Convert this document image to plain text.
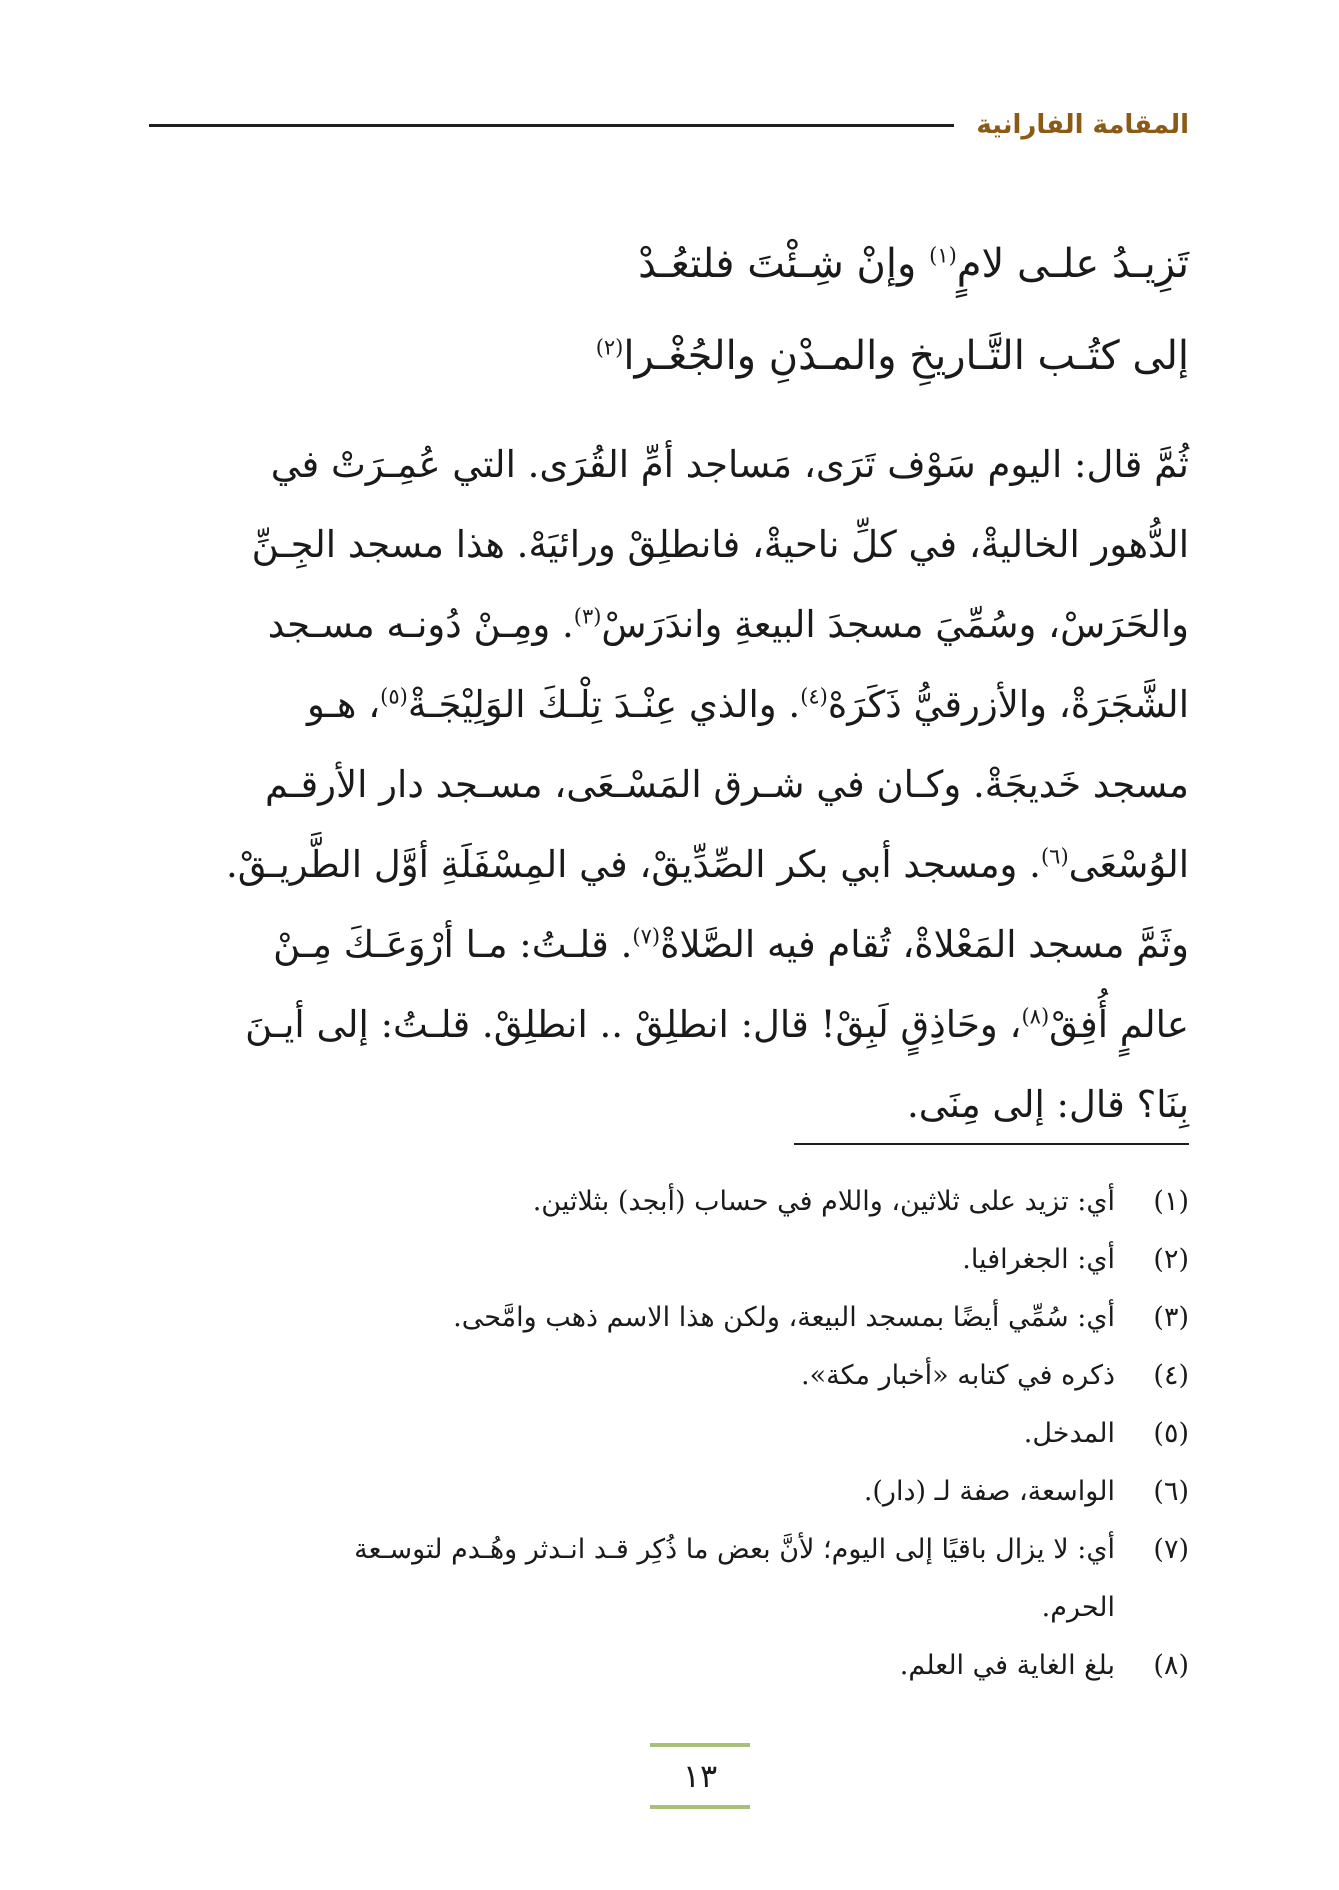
المقامة الفارانية
تَزِيـدُ علـى لامٍ$^{(١)}$ وإنْ شِـئْتَ فلتعُـدْ
إلى كتُـب التَّـاريخِ والمـدْنِ والجُغْـرا$^{(٢)}$
ثُمَّ قال: اليوم سَوْف تَرَى، مَساجد أمِّ القُرَى. التي عُمِـرَتْ في
الدُّهور الخاليةْ، في كلِّ ناحيةْ، فانطلِقْ ورائيَهْ. هذا مسجد الجِـنِّ
والحَرَسْ، وسُمِّيَ مسجدَ البيعةِ واندَرَسْ$^{(٣)}$. ومِـنْ دُونـه مسـجد
الشَّجَرَةْ، والأزرقيُّ ذَكَرَهْ$^{(٤)}$. والذي عِنْـدَ تِلْـكَ الوَلِيْجَـةْ$^{(٥)}$، هـو
مسجد خَديجَةْ. وكـان في شـرق المَسْـعَى، مسـجد دار الأرقـم
الوُسْعَى$^{(٦)}$. ومسجد أبي بكر الصِّدِّيقْ، في المِسْفَلَةِ أوَّل الطَّريـقْ.
وثَمَّ مسجد المَعْلاةْ، تُقام فيه الصَّلاةْ$^{(٧)}$. قلـتُ: مـا أرْوَعَـكَ مِـنْ
عالمٍ أُفِقْ$^{(٨)}$، وحَاذِقٍ لَبِقْ! قال: انطلِقْ .. انطلِقْ. قلـتُ: إلى أيـنَ
بِنَا؟ قال: إلى مِنَى.
(١)
أي: تزيد على ثلاثين، واللام في حساب (أبجد) بثلاثين.
(٢)
أي: الجغرافيا.
(٣)
أي: سُمِّي أيضًا بمسجد البيعة، ولكن هذا الاسم ذهب وامَّحى.
(٤)
ذكره في كتابه «أخبار مكة».
(٥)
المدخل.
(٦)
الواسعة، صفة لـ (دار).
(٧)
أي: لا يزال باقيًا إلى اليوم؛ لأنَّ بعض ما ذُكِر قـد انـدثر وهُـدم لتوسـعة
الحرم.
(٨)
بلغ الغاية في العلم.
١٣
